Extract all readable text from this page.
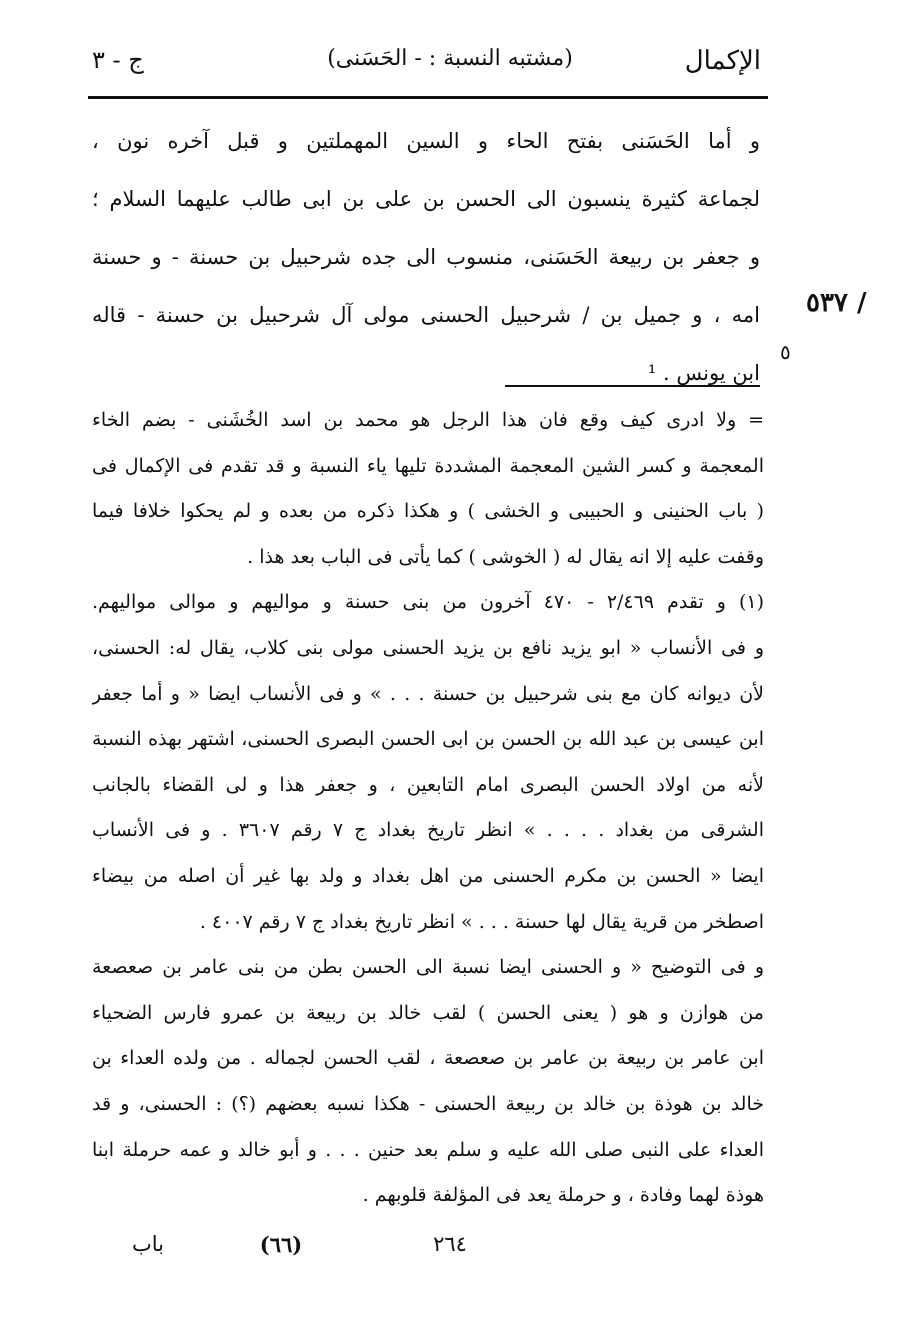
الإكمال
(مشتبه النسبة : - الحَسَنى)
ج - ٣

و أما الحَسَنى بفتح الحاء و السين المهملتين و قبل آخره نون ،

لجماعة كثيرة ينسبون الى الحسن بن على بن ابى طالب عليهما السلام ؛

و جعفر بن ربيعة الحَسَنى، منسوب الى جده شرحبيل بن حسنة - و حسنة

امه ، و جميل بن / شرحبيل الحسنى مولى آل شرحبيل بن حسنة - قاله

ابن يونس . ¹

/ ٥٣٧
٥

= ولا ادرى كيف وقع فان هذا الرجل هو محمد بن اسد الخُشَنى - بضم الخاء

المعجمة و كسر الشين المعجمة المشددة تليها ياء النسبة و قد تقدم فى الإكمال فى

( باب الحنينى و الحبيبى و الخشى ) و هكذا ذكره من بعده و لم يحكوا خلافا فيما

وقفت عليه إلا انه يقال له ( الخوشى ) كما يأتى فى الباب بعد هذا .

(١) و تقدم ٢/٤٦٩ - ٤٧٠ آخرون من بنى حسنة و مواليهم و موالى مواليهم.

و فى الأنساب « ابو يزيد نافع بن يزيد الحسنى مولى بنى كلاب، يقال له: الحسنى،

لأن ديوانه كان مع بنى شرحبيل بن حسنة . . . » و فى الأنساب ايضا « و أما جعفر

ابن عيسى بن عبد الله بن الحسن بن ابى الحسن البصرى الحسنى، اشتهر بهذه النسبة

لأنه من اولاد الحسن البصرى امام التابعين ، و جعفر هذا و لى القضاء بالجانب

الشرقى من بغداد . . . . » انظر تاريخ بغداد ج ٧ رقم ٣٦٠٧ . و فى الأنساب

ايضا « الحسن بن مكرم الحسنى من اهل بغداد و ولد بها غير أن اصله من بيضاء

اصطخر من قرية يقال لها حسنة . . . » انظر تاريخ بغداد ج ٧ رقم ٤٠٠٧ .

و فى التوضيح « و الحسنى ايضا نسبة الى الحسن بطن من بنى عامر بن صعصعة

من هوازن و هو ( يعنى الحسن ) لقب خالد بن ربيعة بن عمرو فارس الضحياء

ابن عامر بن ربيعة بن عامر بن صعصعة ، لقب الحسن لجماله . من ولده العداء بن

خالد بن هوذة بن خالد بن ربيعة الحسنى - هكذا نسبه بعضهم (؟) : الحسنى، و قد

العداء على النبى صلى الله عليه و سلم بعد حنين . . . و أبو خالد و عمه حرملة ابنا

هوذة لهما وفادة ، و حرملة يعد فى المؤلفة قلوبهم .

٢٦٤
(٦٦)
باب
